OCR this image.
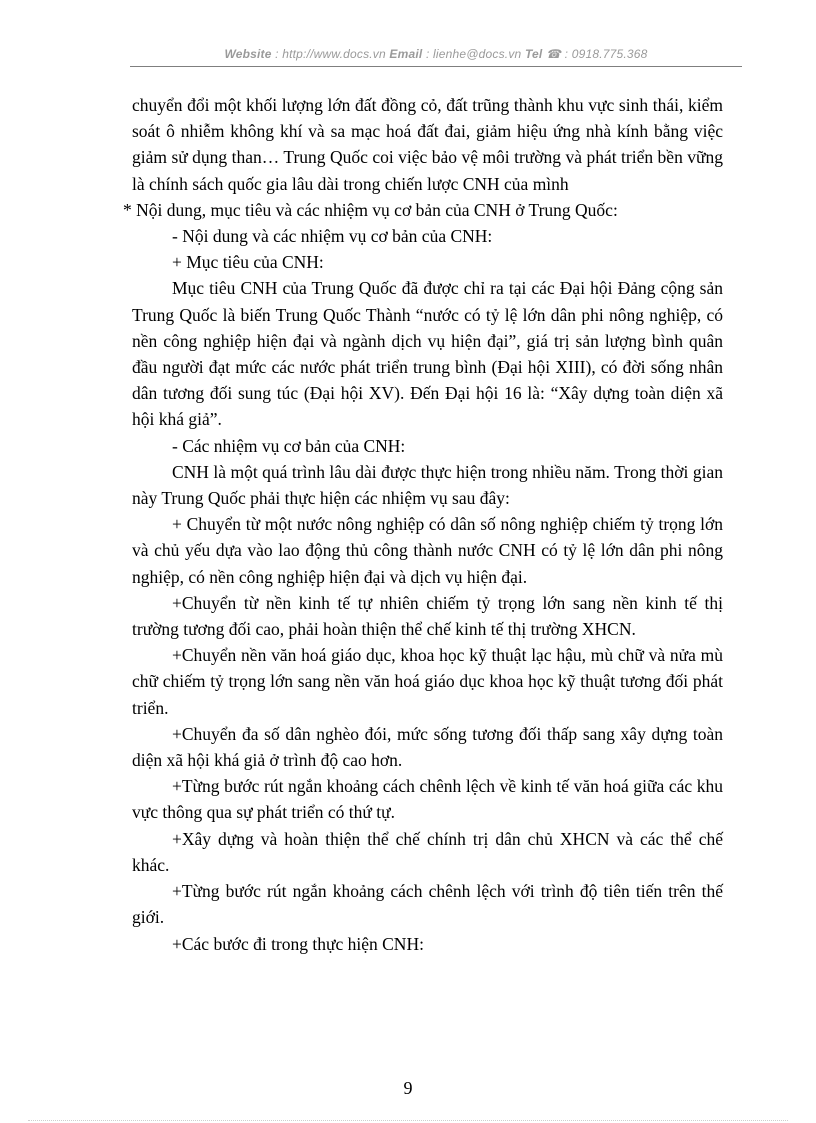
Website : http://www.docs.vn Email : lienhe@docs.vn Tel ☎ : 0918.775.368

chuyển đổi một khối lượng lớn đất đồng cỏ, đất trũng thành khu vực sinh thái, kiểm soát ô nhiễm không khí và sa mạc hoá đất đai, giảm hiệu ứng nhà kính bằng việc giảm sử dụng than… Trung Quốc coi việc bảo vệ môi trường và phát triển bền vững là chính sách quốc gia lâu dài trong chiến lược CNH của mình

* Nội dung, mục tiêu và các nhiệm vụ cơ bản của CNH ở Trung Quốc:

- Nội dung và các nhiệm vụ cơ bản của CNH:

+ Mục tiêu của CNH:

Mục tiêu CNH của Trung Quốc đã được chỉ ra tại các Đại hội Đảng cộng sản Trung Quốc là biến Trung Quốc Thành “nước có tỷ lệ lớn dân phi nông nghiệp, có nền công nghiệp hiện đại và ngành dịch vụ hiện đại”, giá trị sản lượng bình quân đầu người đạt mức các nước phát triển trung bình (Đại hội XIII), có đời sống nhân dân tương đối sung túc (Đại hội XV). Đến Đại hội 16 là: “Xây dựng toàn diện xã hội khá giả”.

- Các nhiệm vụ cơ bản của CNH:

CNH là một quá trình lâu dài được thực hiện trong nhiều năm. Trong thời gian này Trung Quốc phải thực hiện các nhiệm vụ sau đây:

+ Chuyển từ một nước nông nghiệp có dân số nông nghiệp chiếm tỷ trọng lớn và chủ yếu dựa vào lao động thủ công thành nước CNH có tỷ lệ lớn dân phi nông nghiệp, có nền công nghiệp hiện đại và dịch vụ hiện đại.

+Chuyển từ nền kinh tế tự nhiên chiếm tỷ trọng lớn sang nền kinh tế thị trường tương đối cao, phải hoàn thiện thể chế kinh tế thị trường XHCN.

+Chuyển nền văn hoá giáo dục, khoa học kỹ thuật lạc hậu, mù chữ và nửa mù chữ chiếm tỷ trọng lớn sang nền văn hoá giáo dục khoa học kỹ thuật tương đối phát triển.

+Chuyển đa số dân nghèo đói, mức sống tương đối thấp sang xây dựng toàn diện xã hội khá giả ở trình độ cao hơn.

+Từng bước rút ngắn khoảng cách chênh lệch về kinh tế văn hoá giữa các khu vực thông qua sự phát triển có thứ tự.

+Xây dựng và hoàn thiện thể chế chính trị dân chủ XHCN và các thể chế khác.

+Từng bước rút ngắn khoảng cách chênh lệch với trình độ tiên tiến trên thế giới.

+Các bước đi trong thực hiện CNH:

9
